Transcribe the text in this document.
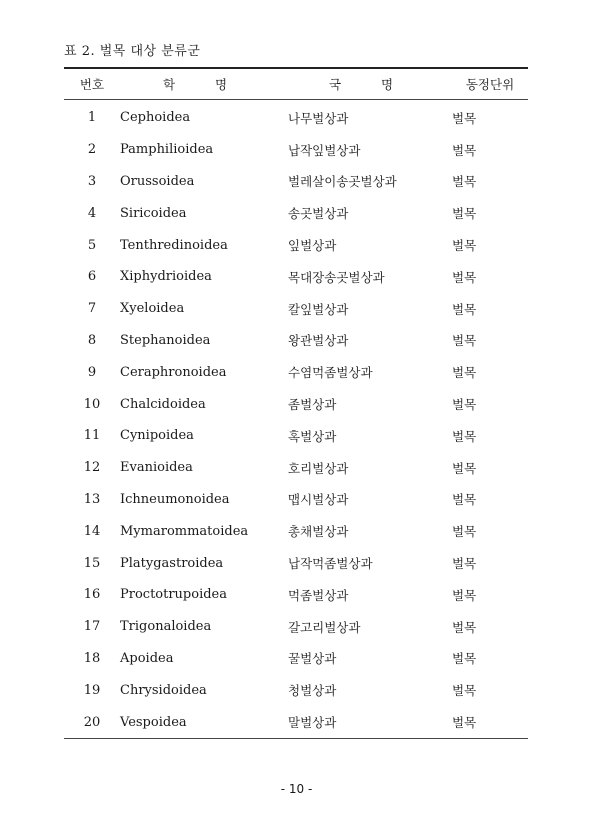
표 2. 벌목 대상 분류군
번호	학 명	국 명	동정단위
1	Cephoidea	나무벌상과	벌목
2	Pamphilioidea	납작잎벌상과	벌목
3	Orussoidea	벌레살이송곳벌상과	벌목
4	Siricoidea	송곳벌상과	벌목
5	Tenthredinoidea	잎벌상과	벌목
6	Xiphydrioidea	목대장송곳벌상과	벌목
7	Xyeloidea	칼잎벌상과	벌목
8	Stephanoidea	왕관벌상과	벌목
9	Ceraphronoidea	수염먹좀벌상과	벌목
10	Chalcidoidea	좀벌상과	벌목
11	Cynipoidea	혹벌상과	벌목
12	Evanioidea	호리벌상과	벌목
13	Ichneumonoidea	맵시벌상과	벌목
14	Mymarommatoidea	총채벌상과	벌목
15	Platygastroidea	납작먹좀벌상과	벌목
16	Proctotrupoidea	먹좀벌상과	벌목
17	Trigonaloidea	갈고리벌상과	벌목
18	Apoidea	꿀벌상과	벌목
19	Chrysidoidea	청벌상과	벌목
20	Vespoidea	말벌상과	벌목
- 10 -
